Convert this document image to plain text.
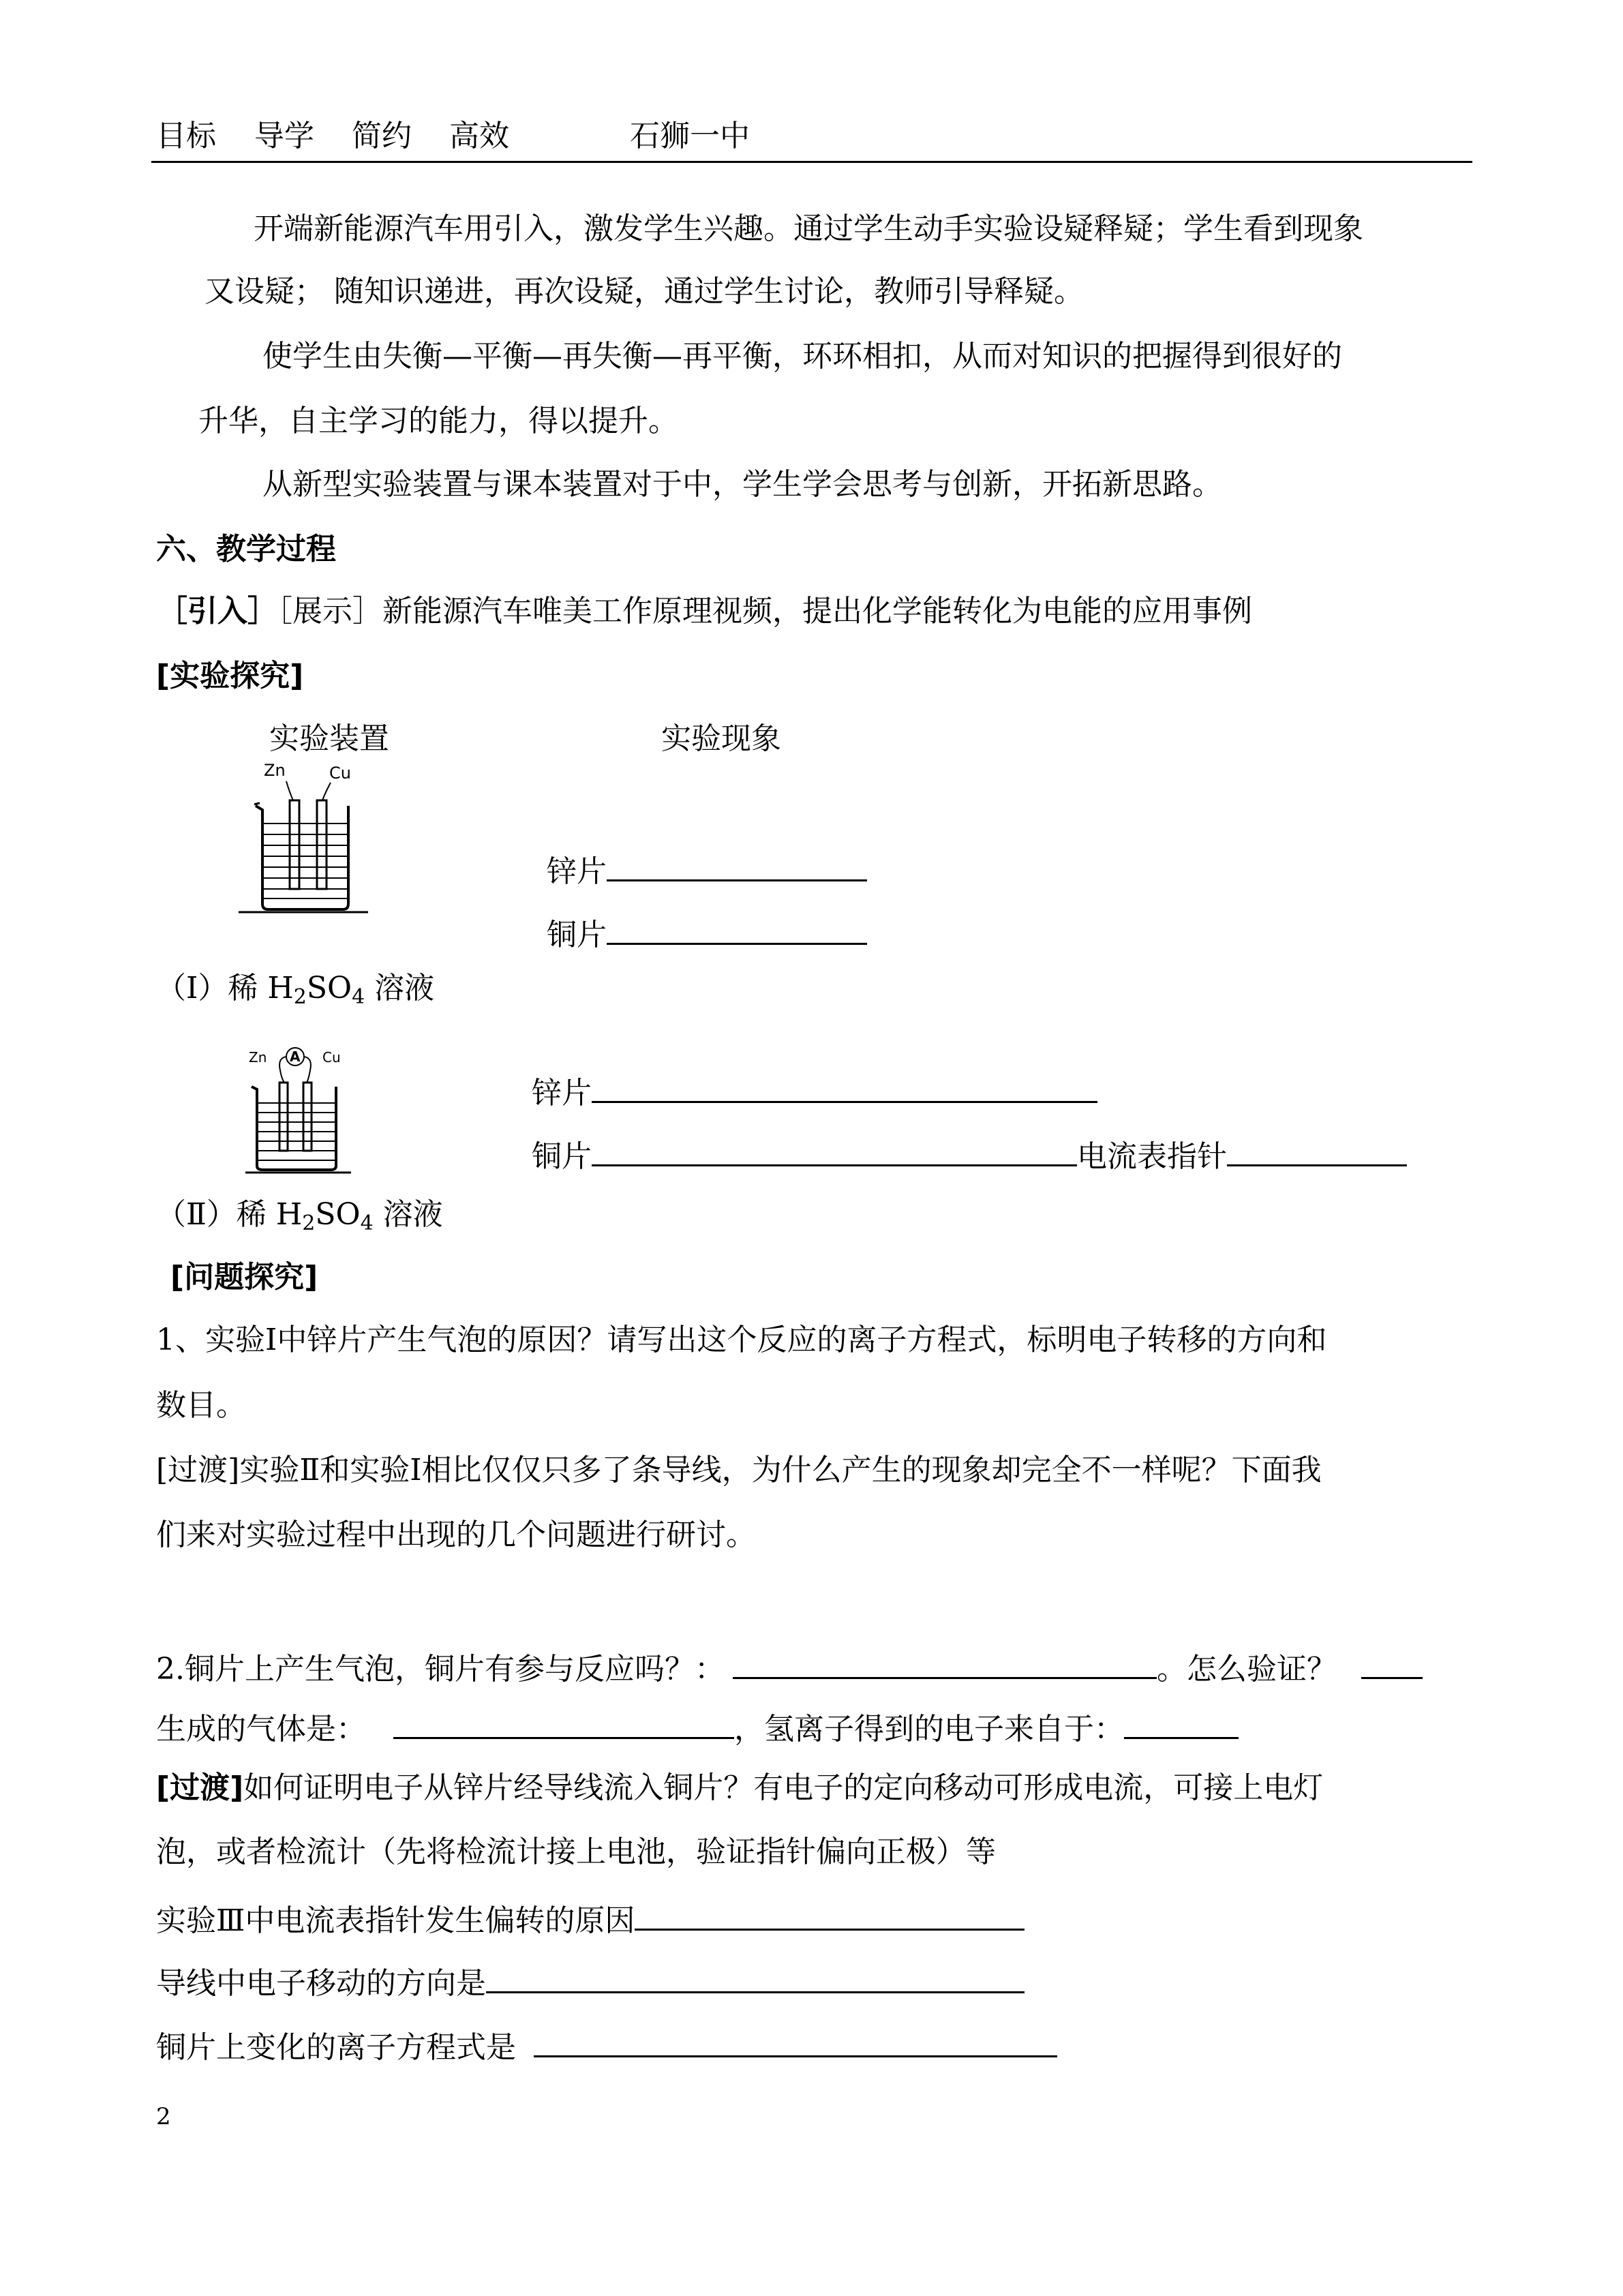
目标 导学 简约 高效	石狮一中
开端新能源汽车用引入，激发学生兴趣。通过学生动手实验设疑释疑；学生看到现象
又设疑； 随知识递进，再次设疑，通过学生讨论，教师引导释疑。
使学生由失衡—平衡—再失衡—再平衡，环环相扣，从而对知识的把握得到很好的
升华，自主学习的能力，得以提升。
从新型实验装置与课本装置对于中，学生学会思考与创新，开拓新思路。
六、教学过程
［引入］［展示］新能源汽车唯美工作原理视频，提出化学能转化为电能的应用事例
[实验探究]
实验装置	实验现象
Zn	Cu
锌片
铜片
（Ⅰ）稀 $H_2SO_4$ 溶液
Zn A Cu
锌片
铜片	电流表指针
（Ⅱ）稀 $H_2SO_4$ 溶液
[问题探究]
1、实验Ⅰ中锌片产生气泡的原因？请写出这个反应的离子方程式，标明电子转移的方向和
数目。
[过渡]实验Ⅱ和实验Ⅰ相比仅仅只多了条导线，为什么产生的现象却完全不一样呢？下面我
们来对实验过程中出现的几个问题进行研讨。
2.铜片上产生气泡，铜片有参与反应吗？：	。怎么验证？
生成的气体是：	，氢离子得到的电子来自于：
[过渡]如何证明电子从锌片经导线流入铜片？有电子的定向移动可形成电流，可接上电灯
泡，或者检流计（先将检流计接上电池，验证指针偏向正极）等
实验Ⅲ中电流表指针发生偏转的原因
导线中电子移动的方向是
铜片上变化的离子方程式是
2
